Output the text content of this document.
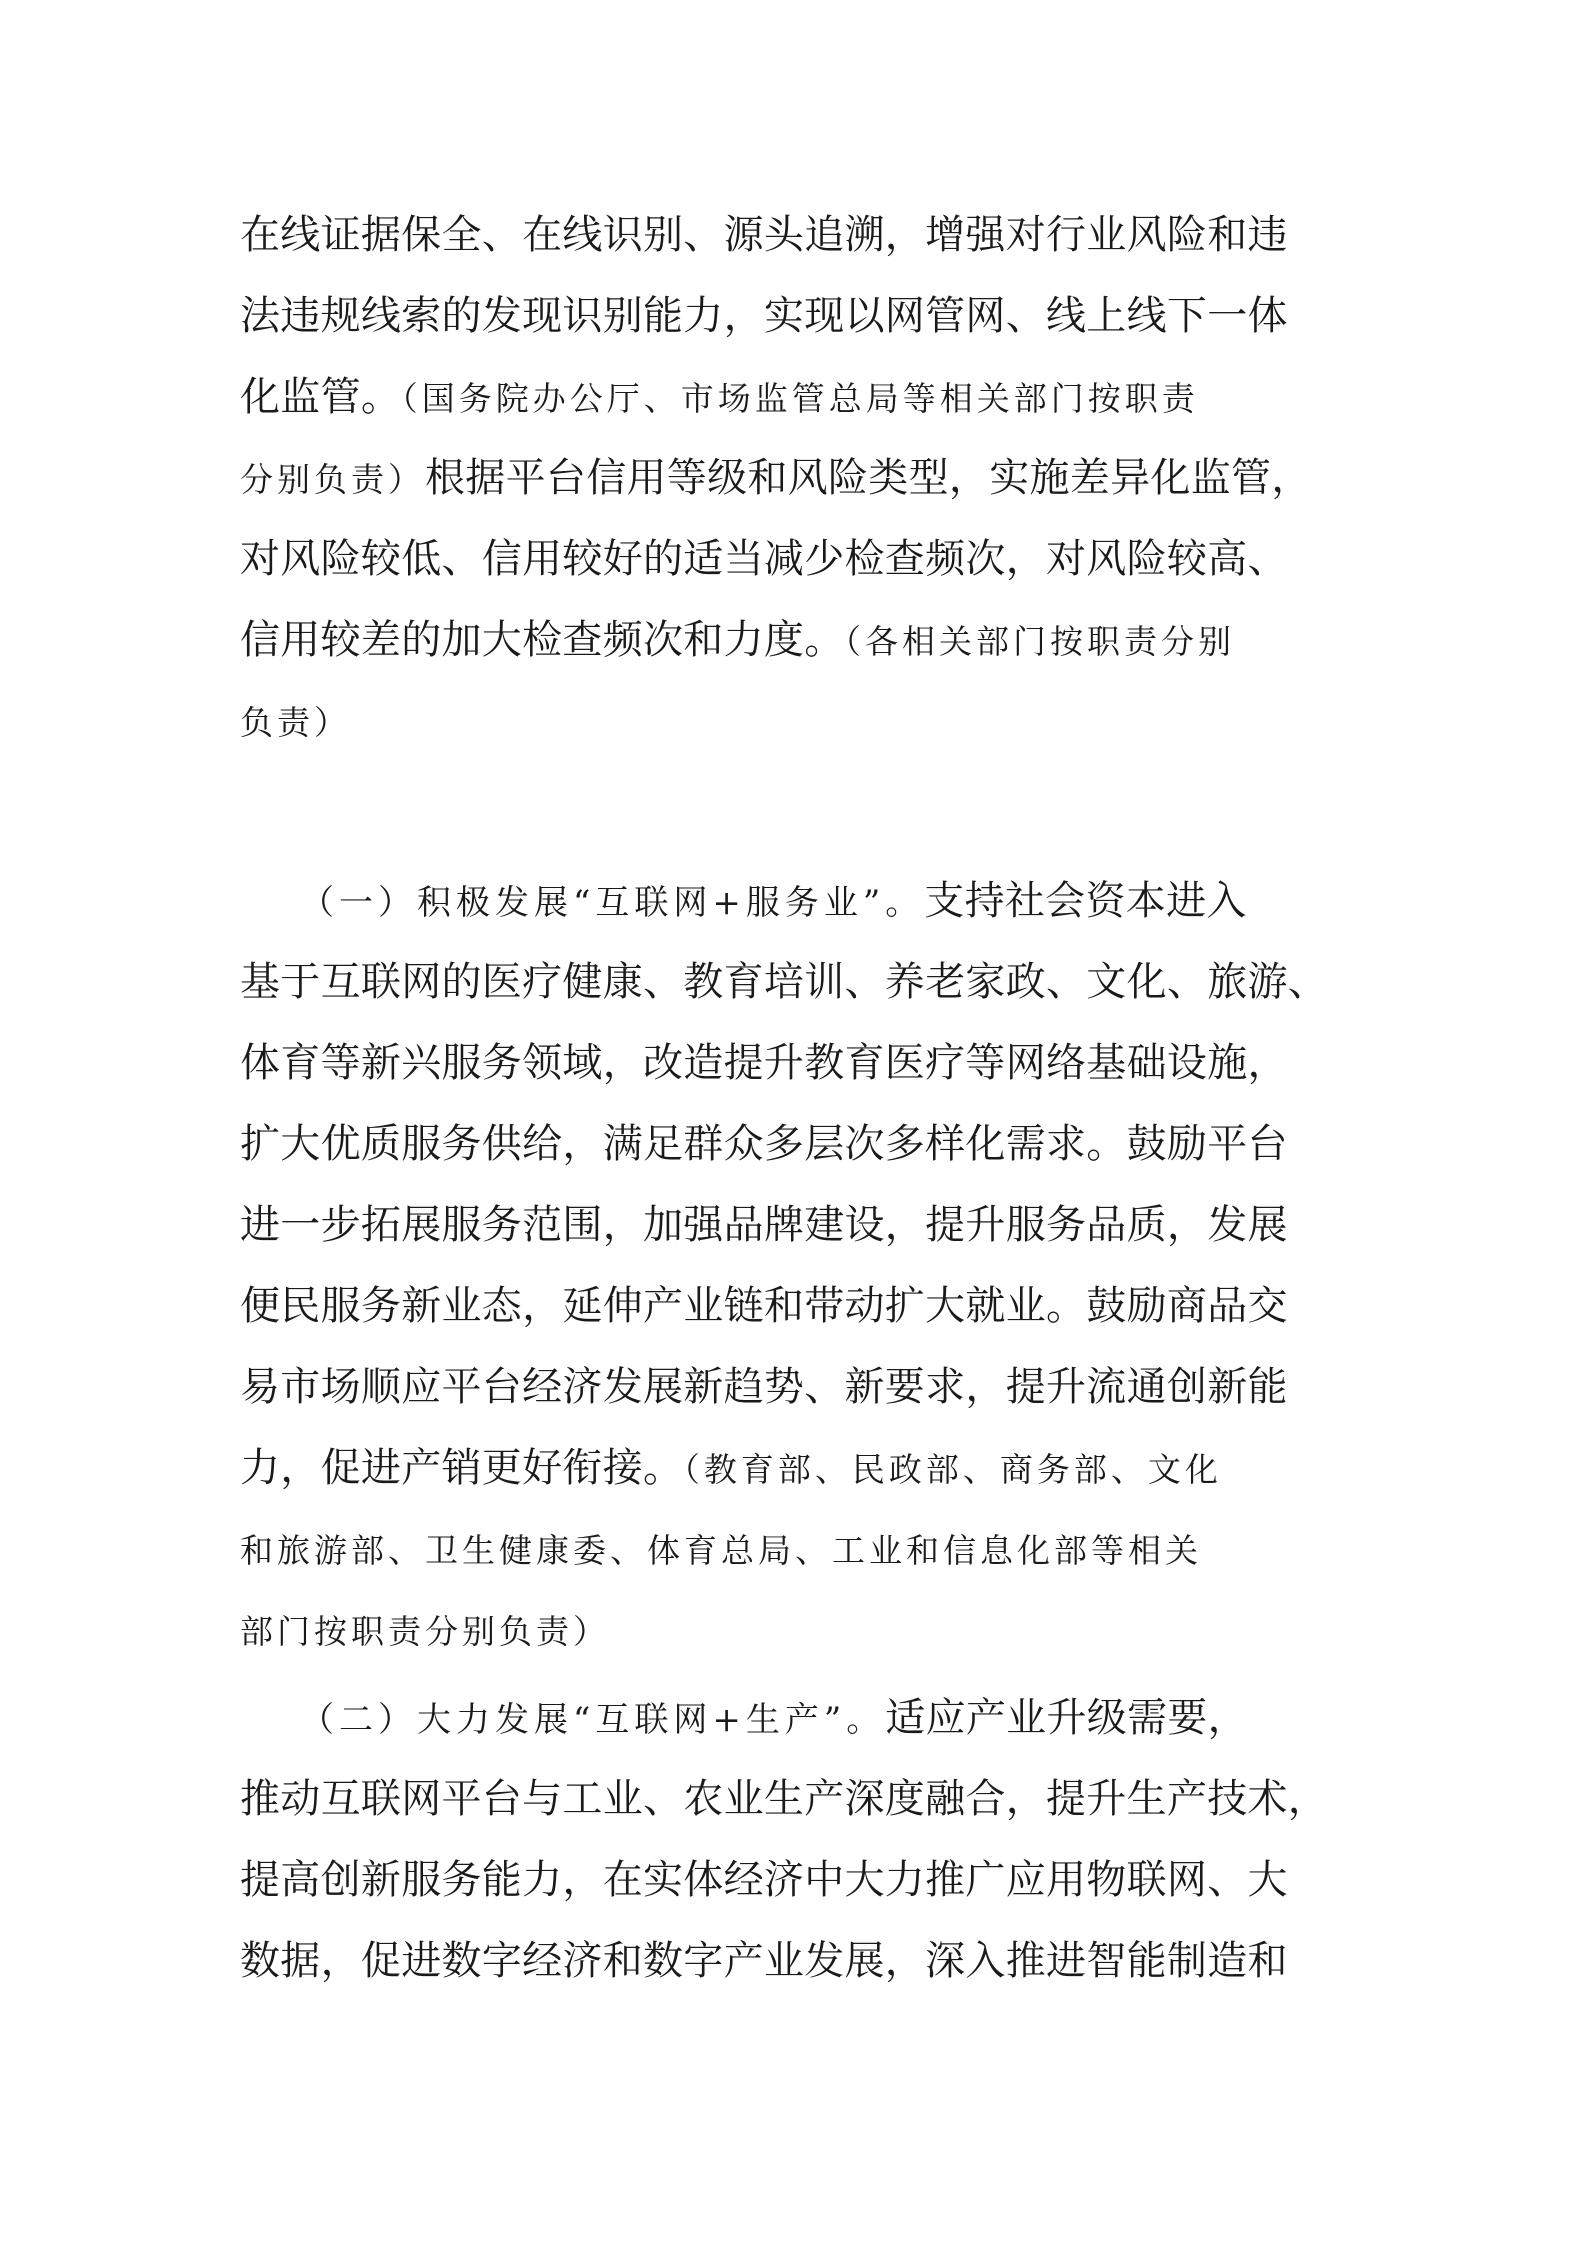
在线证据保全、在线识别、源头追溯，增强对行业风险和违
法违规线索的发现识别能力，实现以网管网、线上线下一体
化监管。（国务院办公厅、市场监管总局等相关部门按职责
分别负责）根据平台信用等级和风险类型，实施差异化监管，
对风险较低、信用较好的适当减少检查频次，对风险较高、
信用较差的加大检查频次和力度。（各相关部门按职责分别
负责）
（一）积极发展“互联网+服务业”。支持社会资本进入
基于互联网的医疗健康、教育培训、养老家政、文化、旅游、
体育等新兴服务领域，改造提升教育医疗等网络基础设施，
扩大优质服务供给，满足群众多层次多样化需求。鼓励平台
进一步拓展服务范围，加强品牌建设，提升服务品质，发展
便民服务新业态，延伸产业链和带动扩大就业。鼓励商品交
易市场顺应平台经济发展新趋势、新要求，提升流通创新能
力，促进产销更好衔接。（教育部、民政部、商务部、文化
和旅游部、卫生健康委、体育总局、工业和信息化部等相关
部门按职责分别负责）
（二）大力发展“互联网+生产”。适应产业升级需要，
推动互联网平台与工业、农业生产深度融合，提升生产技术，
提高创新服务能力，在实体经济中大力推广应用物联网、大
数据，促进数字经济和数字产业发展，深入推进智能制造和
